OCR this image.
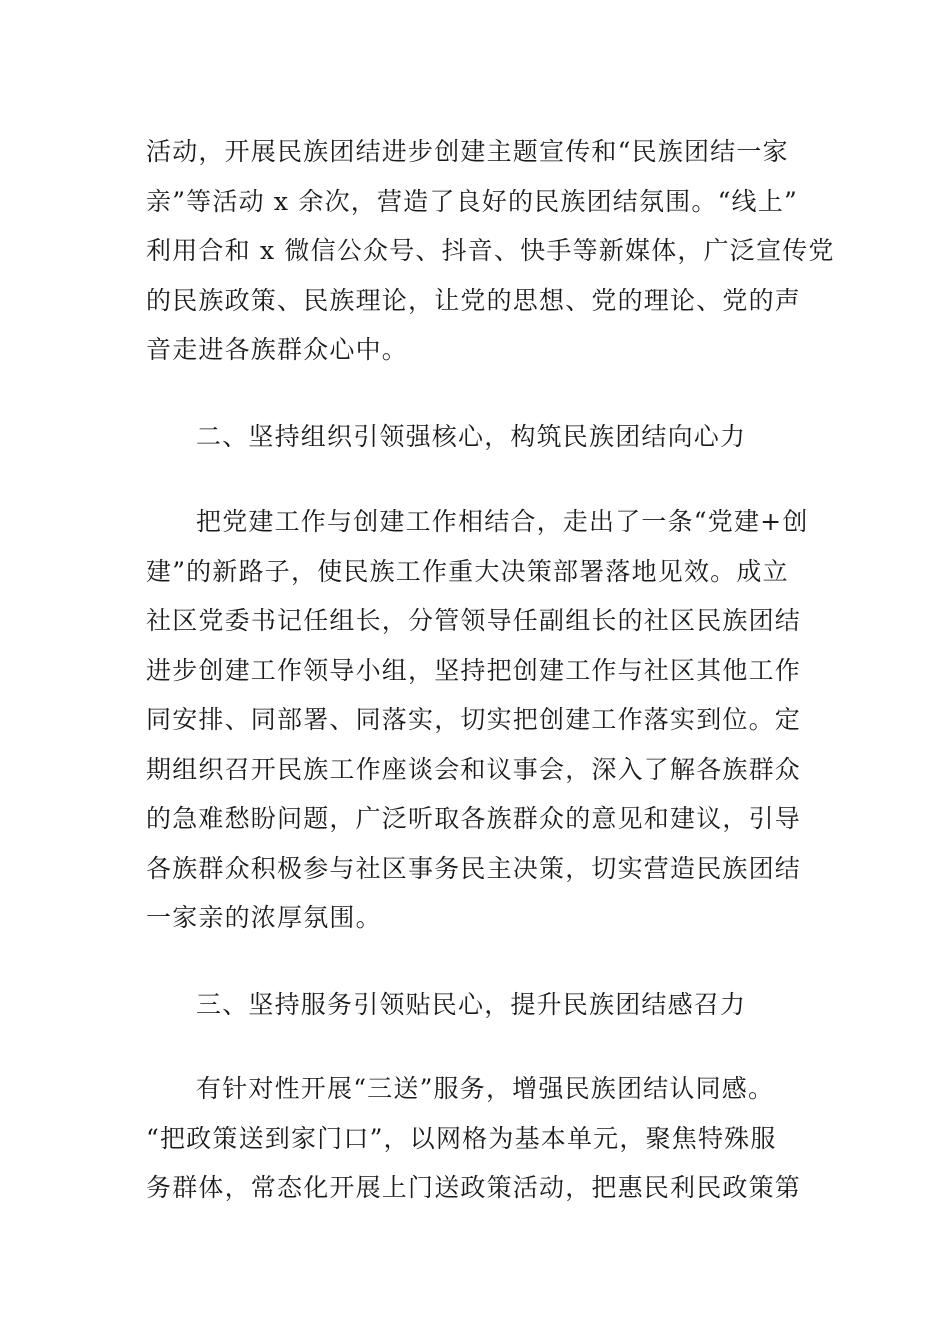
活动，开展民族团结进步创建主题宣传和“民族团结一家
亲”等活动 x 余次，营造了良好的民族团结氛围。“线上”
利用合和 x 微信公众号、抖音、快手等新媒体，广泛宣传党
的民族政策、民族理论，让党的思想、党的理论、党的声
音走进各族群众心中。
二、坚持组织引领强核心，构筑民族团结向心力
把党建工作与创建工作相结合，走出了一条“党建+创
建”的新路子，使民族工作重大决策部署落地见效。成立
社区党委书记任组长，分管领导任副组长的社区民族团结
进步创建工作领导小组，坚持把创建工作与社区其他工作
同安排、同部署、同落实，切实把创建工作落实到位。定
期组织召开民族工作座谈会和议事会，深入了解各族群众
的急难愁盼问题，广泛听取各族群众的意见和建议，引导
各族群众积极参与社区事务民主决策，切实营造民族团结
一家亲的浓厚氛围。
三、坚持服务引领贴民心，提升民族团结感召力
有针对性开展“三送”服务，增强民族团结认同感。
“把政策送到家门口”，以网格为基本单元，聚焦特殊服
务群体，常态化开展上门送政策活动，把惠民利民政策第
